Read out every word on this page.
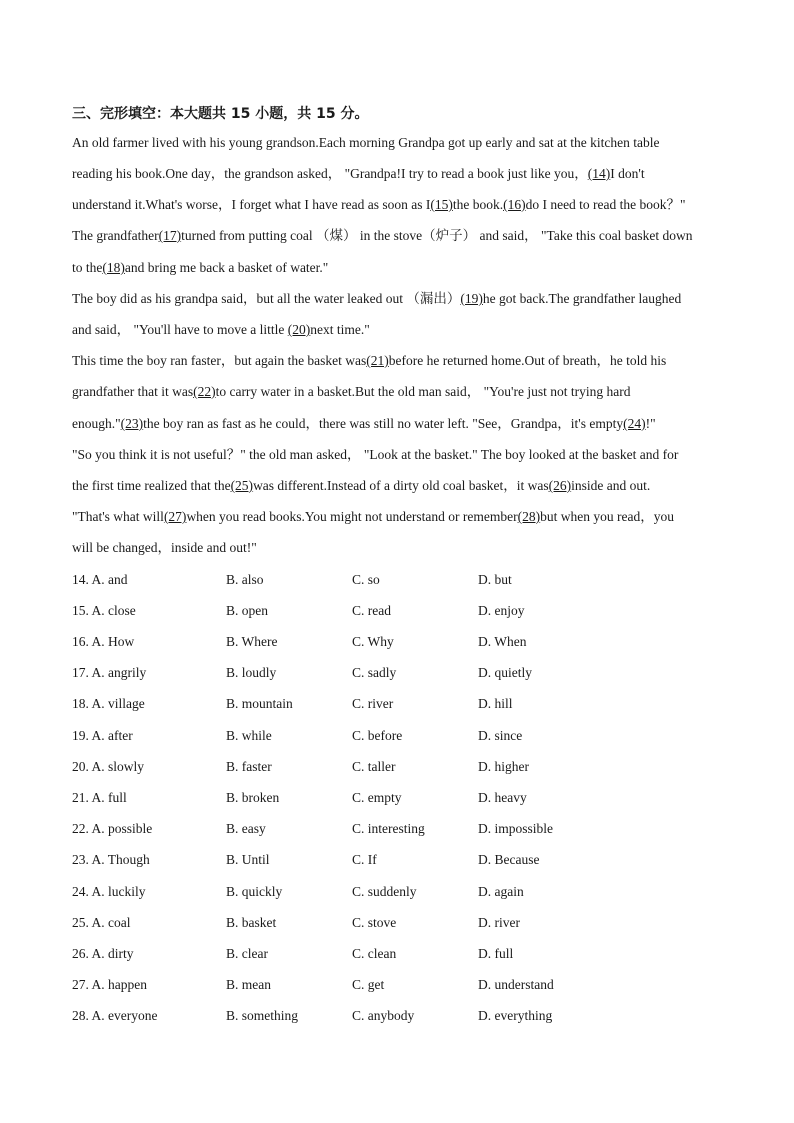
三、完形填空：本大题共 15 小题，共 15 分。
An old farmer lived with his young grandson.Each morning Grandpa got up early and sat at the kitchen table
reading his book.One day，the grandson asked， "Grandpa!I try to read a book just like you，(14)I don't
understand it.What's worse，I forget what I have read as soon as I(15)the book.(16)do I need to read the book？"
The grandfather(17)turned from putting coal （煤） in the stove（炉子） and said， "Take this coal basket down
to the(18)and bring me back a basket of water."
The boy did as his grandpa said，but all the water leaked out （漏出）(19)he got back.The grandfather laughed
and said， "You'll have to move a little (20)next time."
This time the boy ran faster，but again the basket was(21)before he returned home.Out of breath，he told his
grandfather that it was(22)to carry water in a basket.But the old man said， "You're just not trying hard
enough."(23)the boy ran as fast as he could，there was still no water left. "See，Grandpa，it's empty(24)!"
"So you think it is not useful？" the old man asked， "Look at the basket." The boy looked at the basket and for
the first time realized that the(25)was different.Instead of a dirty old coal basket，it was(26)inside and out.
"That's what will(27)when you read books.You might not understand or remember(28)but when you read，you
will be changed，inside and out!"
14. A. and	B. also	C. so	D. but
15. A. close	B. open	C. read	D. enjoy
16. A. How	B. Where	C. Why	D. When
17. A. angrily	B. loudly	C. sadly	D. quietly
18. A. village	B. mountain	C. river	D. hill
19. A. after	B. while	C. before	D. since
20. A. slowly	B. faster	C. taller	D. higher
21. A. full	B. broken	C. empty	D. heavy
22. A. possible	B. easy	C. interesting	D. impossible
23. A. Though	B. Until	C. If	D. Because
24. A. luckily	B. quickly	C. suddenly	D. again
25. A. coal	B. basket	C. stove	D. river
26. A. dirty	B. clear	C. clean	D. full
27. A. happen	B. mean	C. get	D. understand
28. A. everyone	B. something	C. anybody	D. everything
